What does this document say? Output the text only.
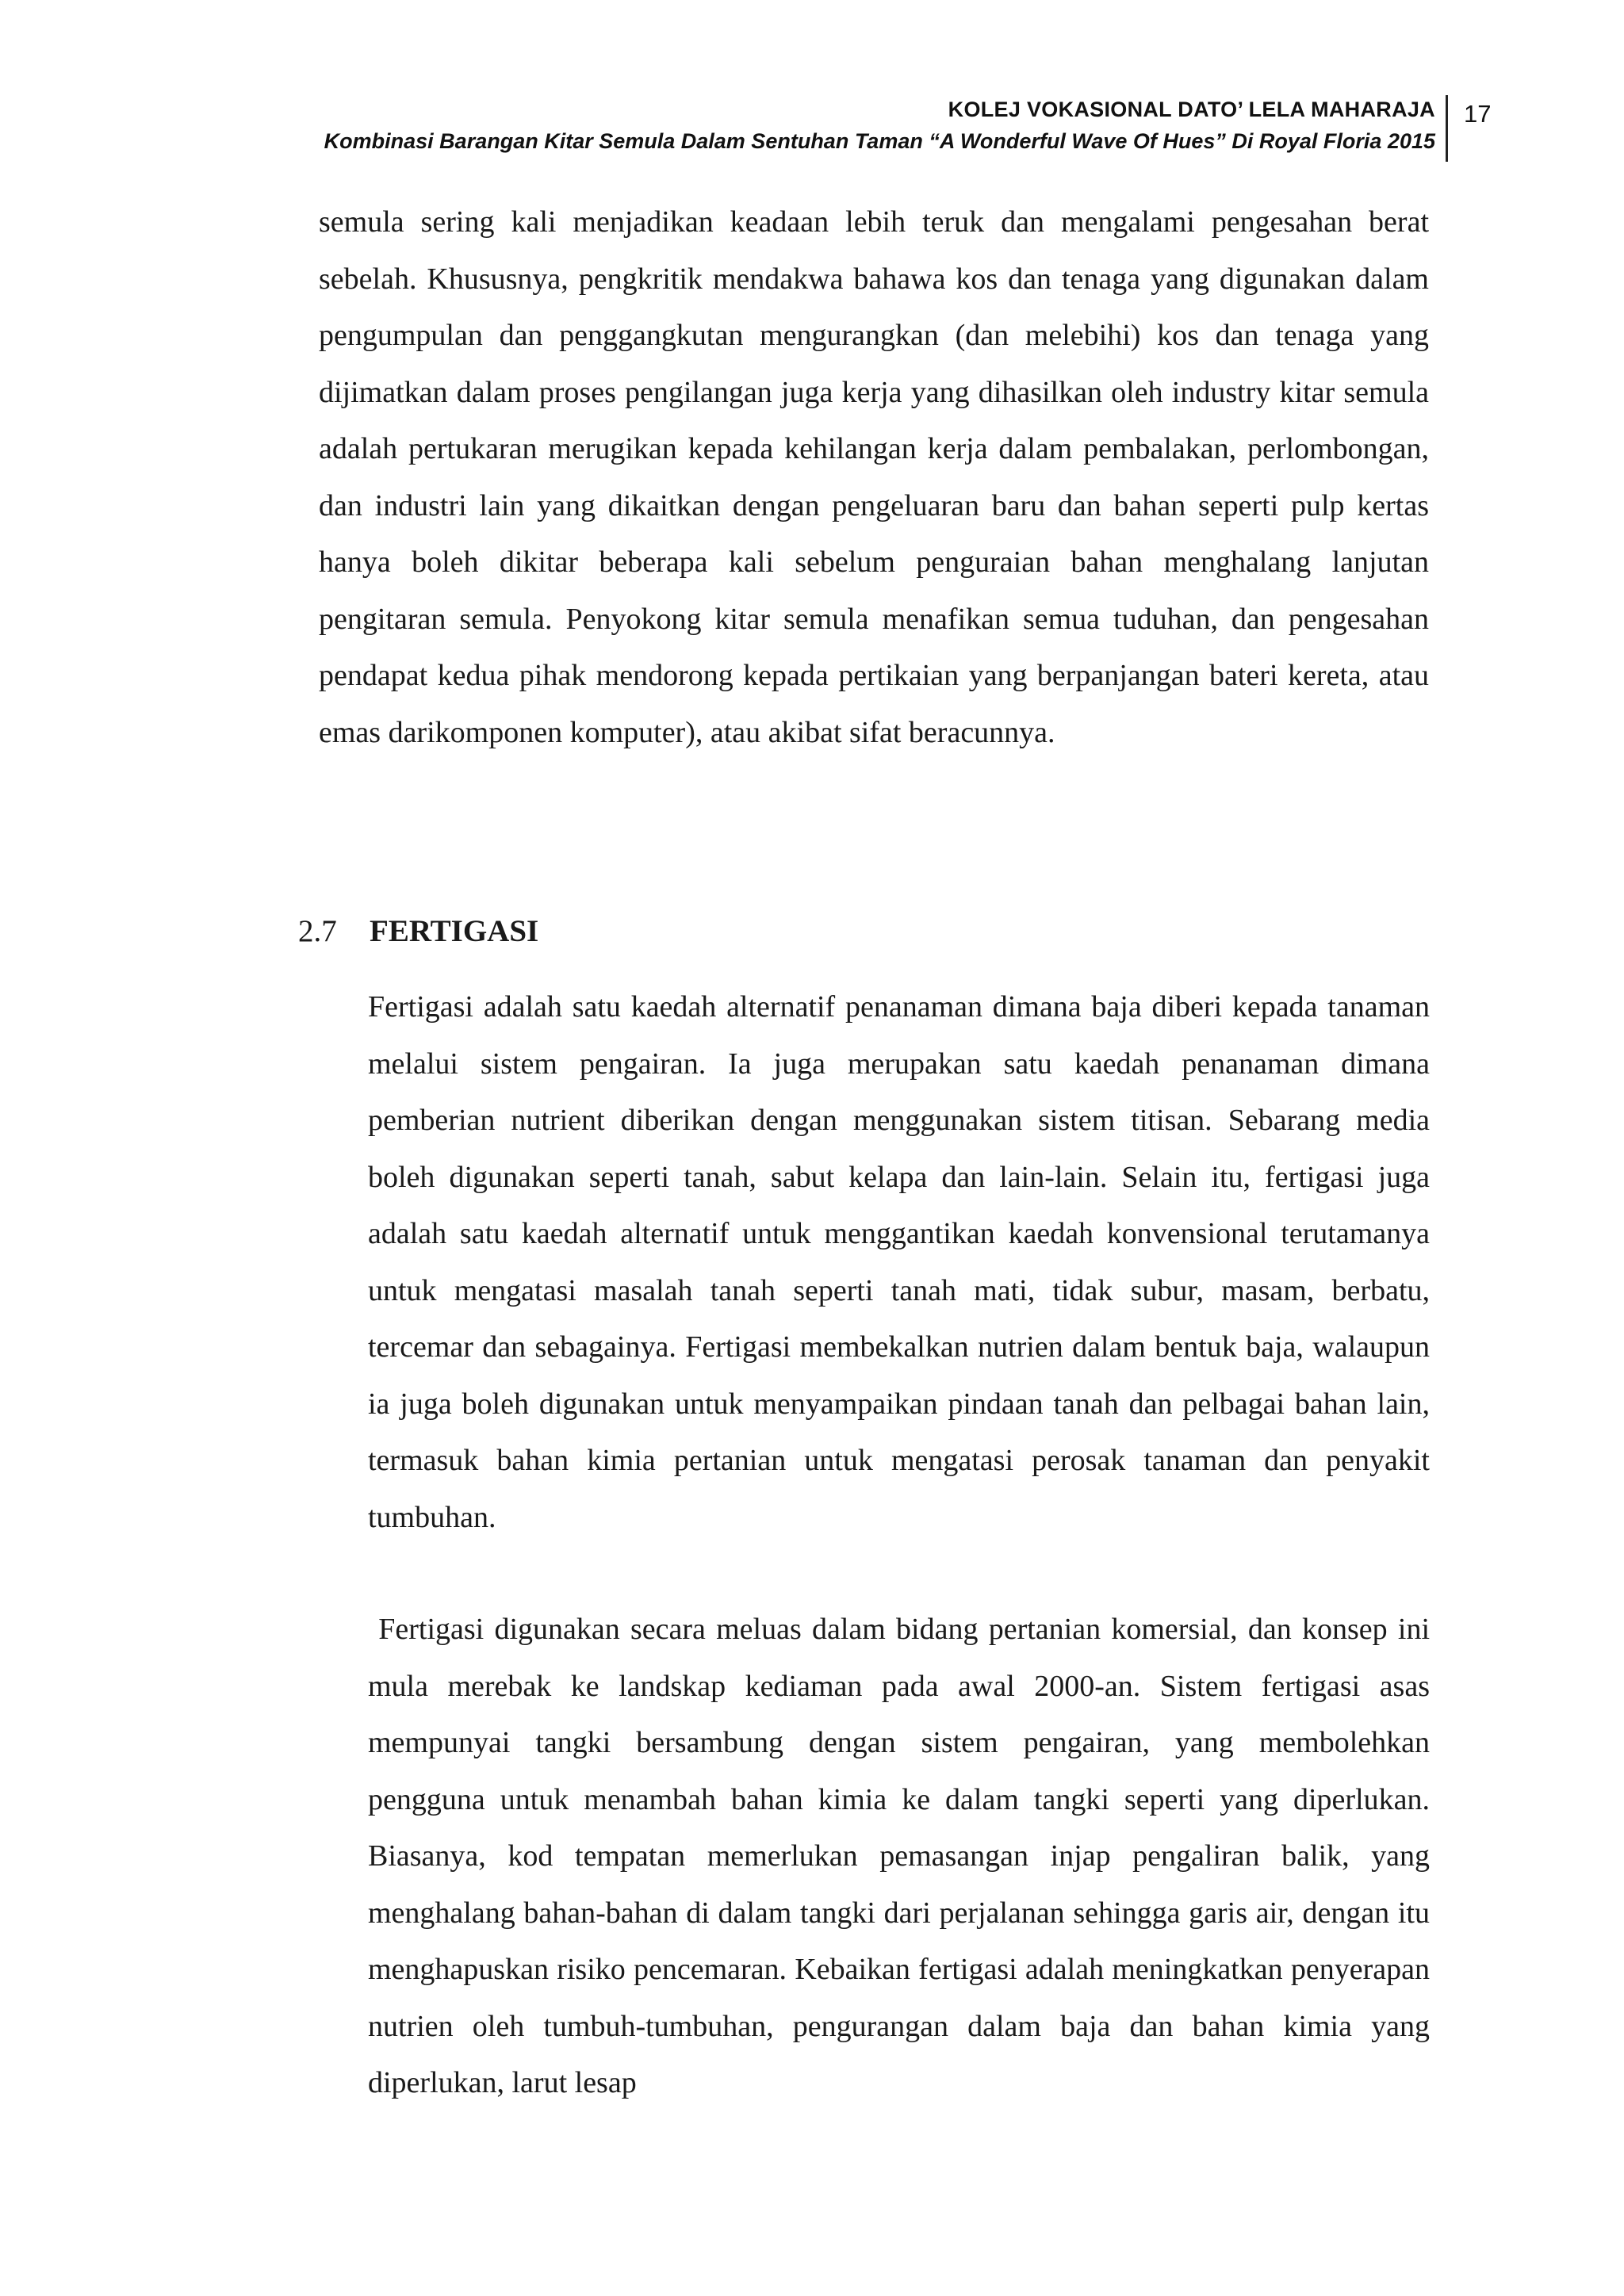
KOLEJ VOKASIONAL DATO’ LELA MAHARAJA
Kombinasi Barangan Kitar Semula Dalam Sentuhan Taman “A Wonderful Wave Of Hues” Di Royal Floria 2015
17

semula sering kali menjadikan keadaan lebih teruk dan mengalami pengesahan berat sebelah. Khususnya, pengkritik mendakwa bahawa kos dan tenaga yang digunakan dalam pengumpulan dan penggangkutan mengurangkan (dan melebihi) kos dan tenaga yang dijimatkan dalam proses pengilangan juga kerja yang dihasilkan oleh industry kitar semula adalah pertukaran merugikan kepada kehilangan kerja dalam pembalakan, perlombongan, dan industri lain yang dikaitkan dengan pengeluaran baru dan bahan seperti pulp kertas hanya boleh dikitar beberapa kali sebelum penguraian bahan menghalang lanjutan pengitaran semula. Penyokong kitar semula menafikan semua tuduhan, dan pengesahan pendapat kedua pihak mendorong kepada pertikaian yang berpanjangan bateri kereta, atau emas darikomponen komputer), atau akibat sifat beracunnya.

2.7 FERTIGASI

Fertigasi adalah satu kaedah alternatif penanaman dimana baja diberi kepada tanaman melalui sistem pengairan. Ia juga merupakan satu kaedah penanaman dimana pemberian nutrient diberikan dengan menggunakan sistem titisan. Sebarang media boleh digunakan seperti tanah, sabut kelapa dan lain-lain. Selain itu, fertigasi juga adalah satu kaedah alternatif untuk menggantikan kaedah konvensional terutamanya untuk mengatasi masalah tanah seperti tanah mati, tidak subur, masam, berbatu, tercemar dan sebagainya. Fertigasi membekalkan nutrien dalam bentuk baja, walaupun ia juga boleh digunakan untuk menyampaikan pindaan tanah dan pelbagai bahan lain, termasuk bahan kimia pertanian untuk mengatasi perosak tanaman dan penyakit tumbuhan.

Fertigasi digunakan secara meluas dalam bidang pertanian komersial, dan konsep ini mula merebak ke landskap kediaman pada awal 2000-an. Sistem fertigasi asas mempunyai tangki bersambung dengan sistem pengairan, yang membolehkan pengguna untuk menambah bahan kimia ke dalam tangki seperti yang diperlukan. Biasanya, kod tempatan memerlukan pemasangan injap pengaliran balik, yang menghalang bahan-bahan di dalam tangki dari perjalanan sehingga garis air, dengan itu menghapuskan risiko pencemaran. Kebaikan fertigasi adalah meningkatkan penyerapan nutrien oleh tumbuh-tumbuhan, pengurangan dalam baja dan bahan kimia yang diperlukan, larut lesap
